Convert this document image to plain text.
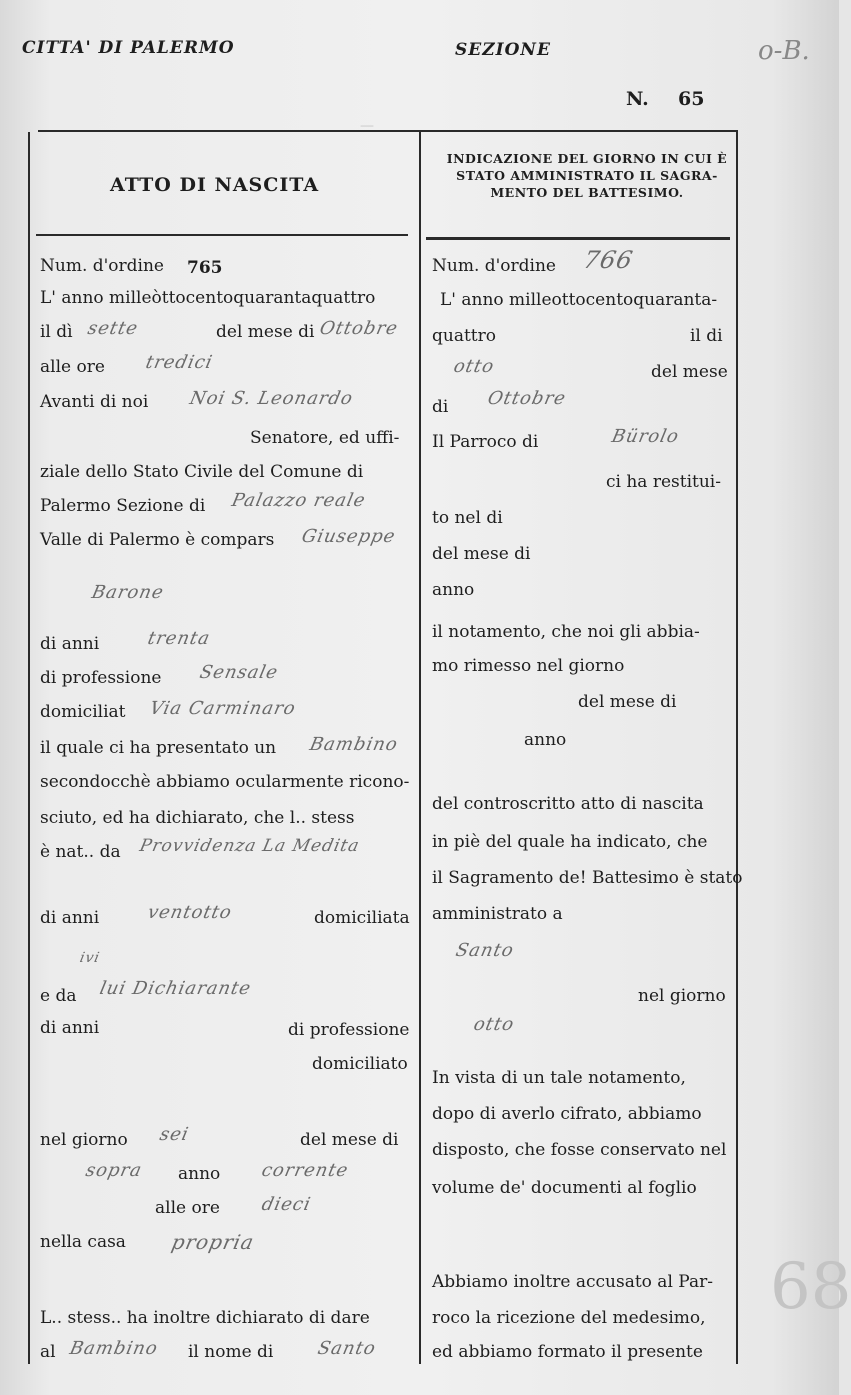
CITTA' DI PALERMO	SEZIONE	o-B.
N. 65
68
—
ATTO DI NASCITA
INDICAZIONE DEL GIORNO IN CUI È
STATO AMMINISTRATO IL SAGRA-
MENTO DEL BATTESIMO.
Num. d'ordine 765
L' anno milleòttocentoquarantaquattro
il dì sette	del mese di Ottobre
alle ore tredici
Avanti di noi Noi S. Leonardo
Senatore, ed uffi-
ziale dello Stato Civile del Comune di
Palermo Sezione di Palazzo reale
Valle di Palermo è compars Giuseppe
Barone
di anni	trenta
di professione Sensale
domiciliat Via Carminaro
il quale ci ha presentato un Bambino
secondocchè abbiamo ocularmente ricono-
sciuto, ed ha dichiarato, che l.. stess
è nat.. da Provvidenza La Medita
di anni	ventotto	domiciliata
ivi
e da lui Dichiarante
di anni	di professione
domiciliato
nel giorno sei	del mese di
sopra anno corrente
alle ore dieci
nella casa propria
L.. stess.. ha inoltre dichiarato di dare
al Bambino il nome di Santo
Num. d'ordine 766
L' anno milleottocentoquaranta-
quattro	il di
otto	del mese
di Ottobre
Il Parroco di	Bürolo
ci ha restitui-
to nel di
del mese di
anno
il notamento, che noi gli abbia-
mo rimesso nel giorno
del mese di
anno
del controscritto atto di nascita
in piè del quale ha indicato, che
il Sagramento de! Battesimo è stato
amministrato a
Santo
nel giorno
otto
In vista di un tale notamento,
dopo di averlo cifrato, abbiamo
disposto, che fosse conservato nel
volume de' documenti al foglio
Abbiamo inoltre accusato al Par-
roco la ricezione del medesimo,
ed abbiamo formato il presente
